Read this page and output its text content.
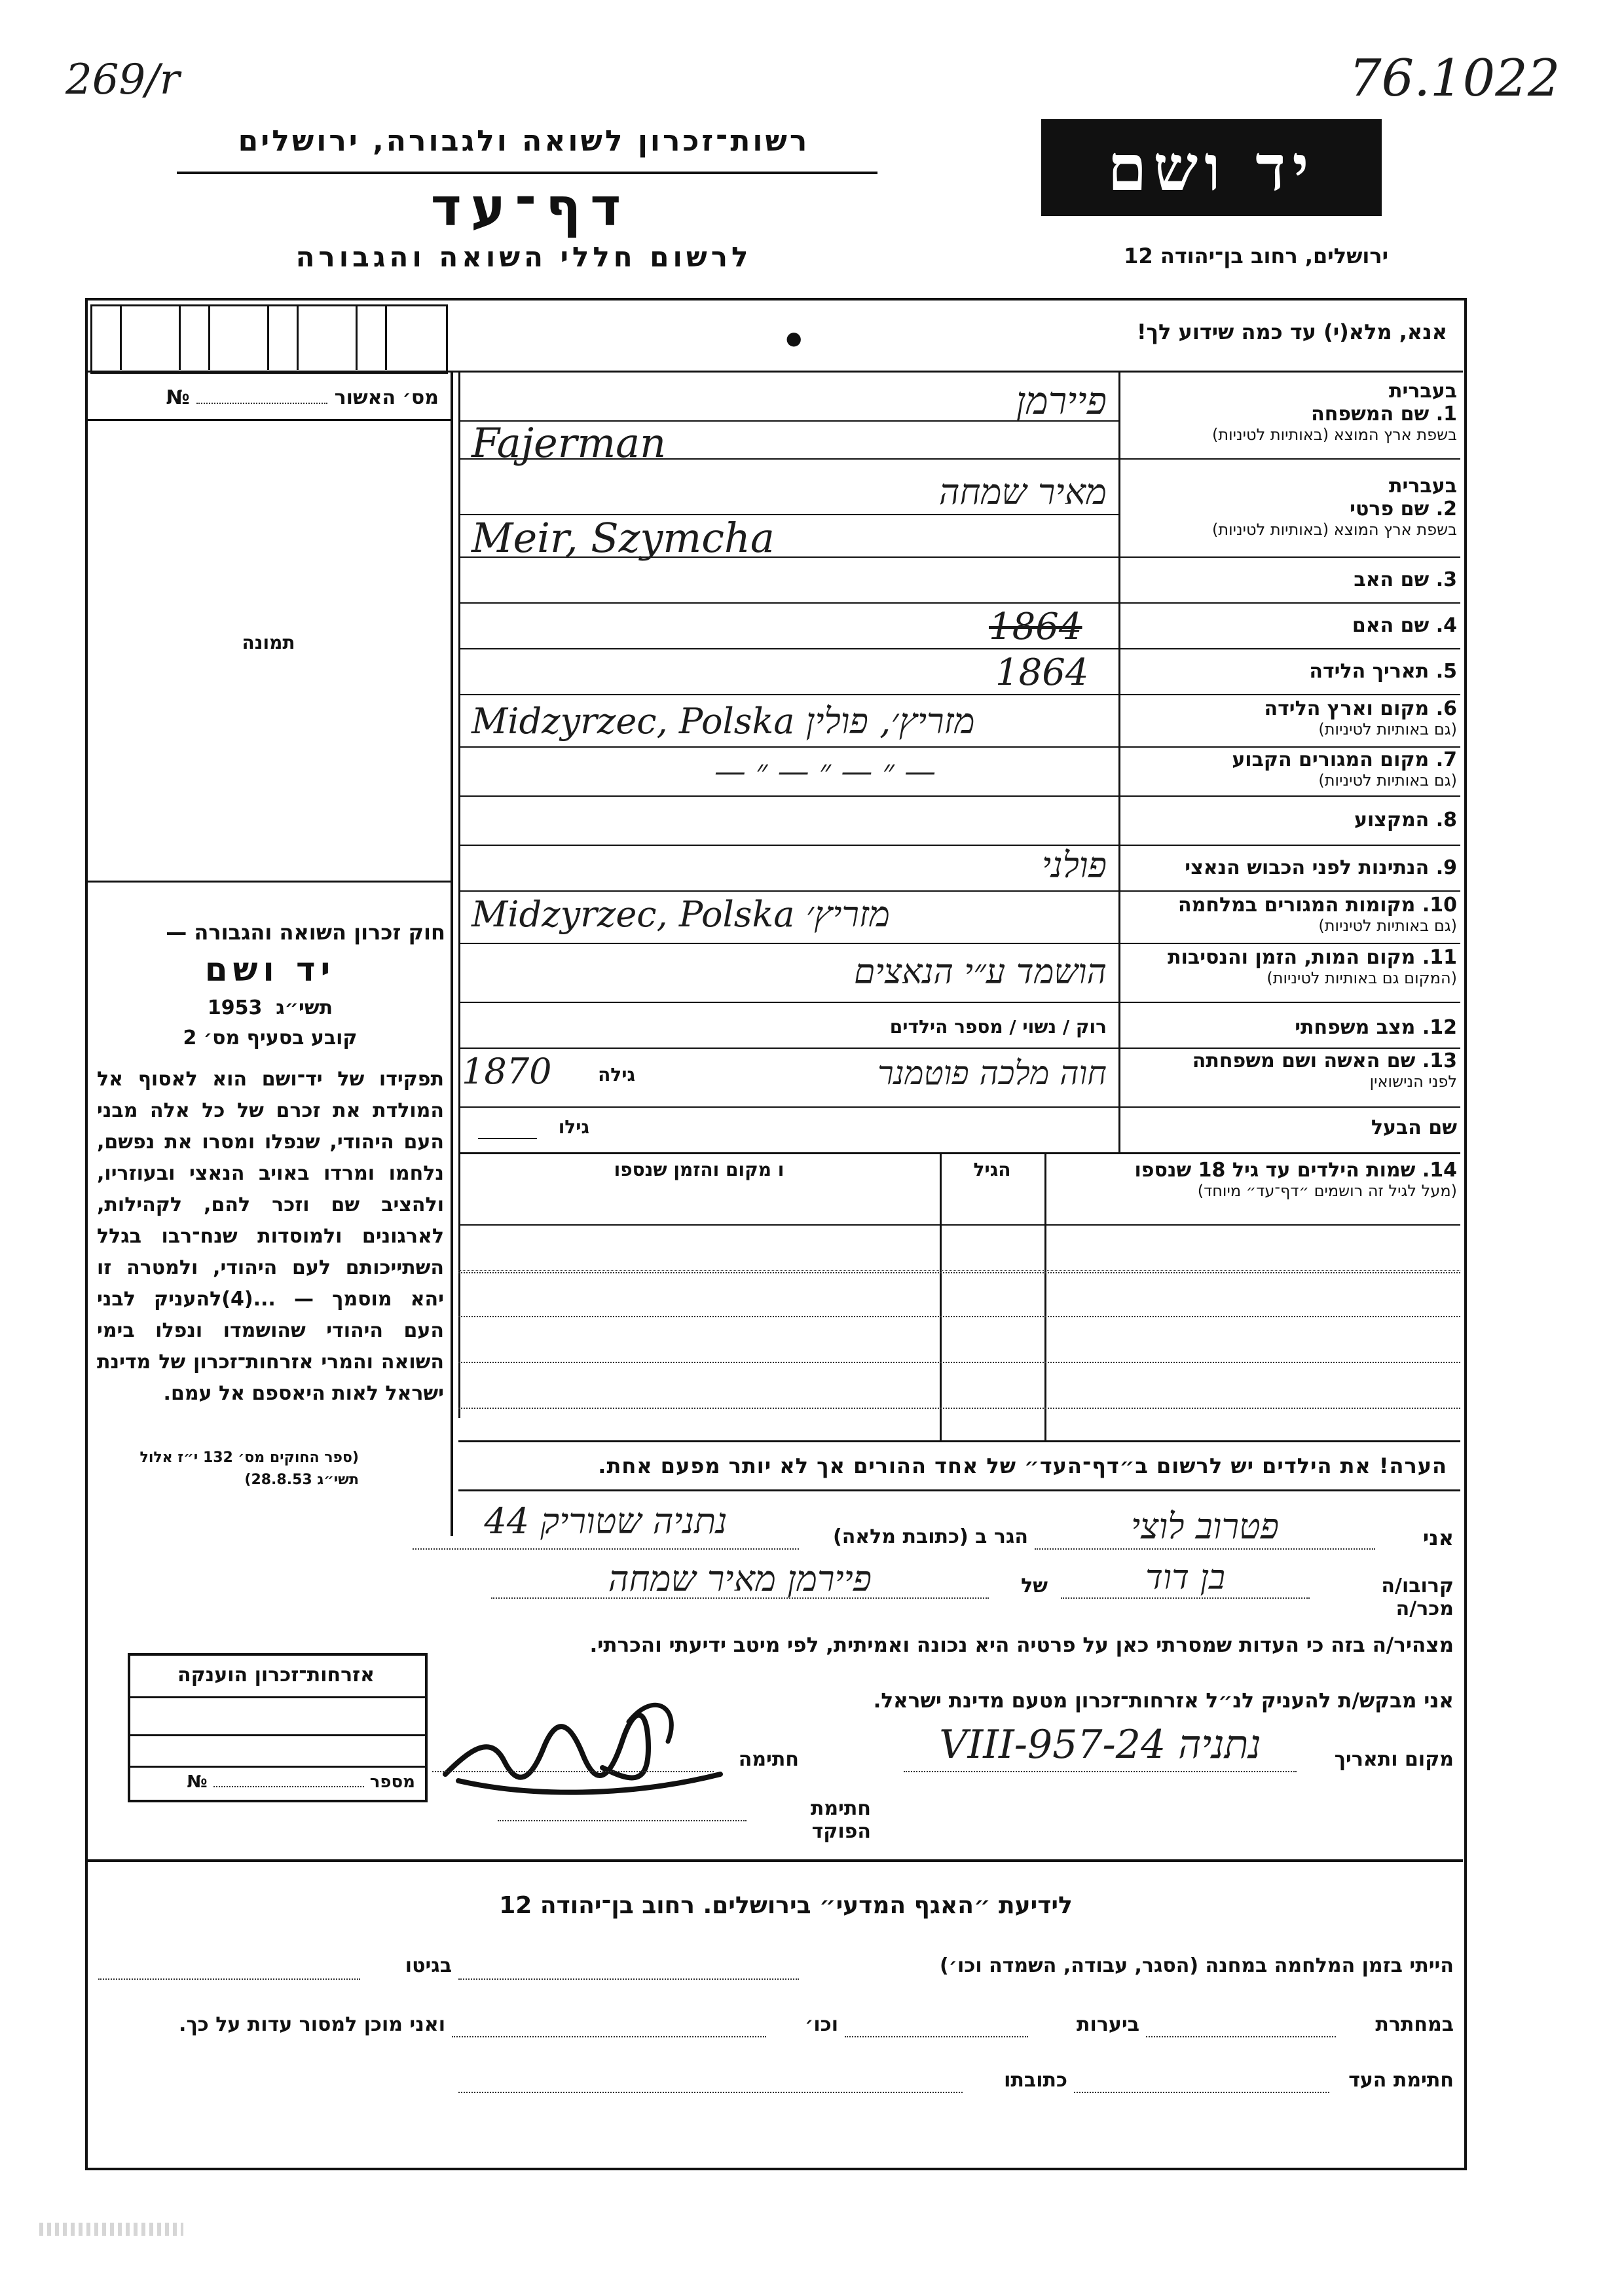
269/r	76.1022
רשות־זכרון לשואה ולגבורה, ירושלים
דף־עד
לרשום חללי השואה והגבורה	ירושלים, רחוב בן־יהודה 12
יד ושם
אנא, מלא(י) עד כמה שידוע לך!
●
מס׳ האשור  №
תמונה
חוק זכרון השואה והגבורה —
יד ושם
תשי״ג  1953
קובע בסעיף מס׳ 2
תפקידו של יד־ושם הוא לאסוף אל המולדת את זכרם של כל אלה מבני העם היהודי, שנפלו ומסרו את נפשם, נלחמו ומרדו באויב הנאצי ובעוזריו, ולהציב שם וזכר להם, לקהילות, לארגונים ולמוסדות שנח־רבו בגלל השתייכותם לעם היהודי, ולמטרה זו יהא מוסמך — ...(4)להעניק לבני העם היהודי שהושמדו ונפלו בימי השואה והמרי אזרחות־זכרון של מדינת ישראל לאות היאספם אל עמם.
(ספר החוקים מס׳ 132 י״ז אלול תשי״ג 28.8.53)
בעברית
1. שם המשפחה
בשפת ארץ המוצא (באותיות לטיניות)
פיירמן
Fajerman
בעברית
2. שם פרטי
בשפת ארץ המוצא (באותיות לטיניות)
מאיר שמחה
Meir, Szymcha
3. שם האב
4. שם האם
1864
5. תאריך הלידה
1864
6. מקום וארץ הלידה
(גם באותיות לטיניות)
Midzyrzec, Polska מזריץ׳, פולין
7. מקום המגורים הקבוע
(גם באותיות לטיניות)
— ״ — ״ — ״ —
8. המקצוע
9. הנתינות לפני הכבוש הנאצי
פולני
10. מקומות המגורים במלחמה
(גם באותיות לטיניות)
Midzyrzec, Polska מזריץ׳
11. מקום המות, הזמן והנסיבות
(המקום גם באותיות לטיניות)
הושמד ע״י הנאצים
12. מצב משפחתי
רוק / נשוי / מספר הילדים
13. שם האשה ושם משפחתה
לפני הנישואין
חוה מלכה פוטמנר
גילה
1870
שם הבעל
גילו
14. שמות הילדים עד גיל 18 שנספו
(מעל לגיל זה רושמים ״דף־עד״ מיוחד)
הגיל
ו מקום והזמן שנספו
הערה! את הילדים יש לרשום ב״דף־העד״ של אחד ההורים אך לא יותר מפעם אחת.
אני
פטרוב לוצי
הגר ב (כתובת מלאה)
נתניה שטוריק 44
קרובו/ה מכר/ה
בן דוד
של
פיירמן מאיר שמחה
מצהיר/ה בזה כי העדות שמסרתי כאן על פרטיה היא נכונה ואמיתית, לפי מיטב ידיעתי והכרתי.
אני מבקש/ת להעניק לנ״ל אזרחות־זכרון מטעם מדינת ישראל.
מקום ותאריך
נתניה 24-VIII-957
חתימה
חתימת הפוקד
אזרחות־זכרון הוענקה
מספר  №
לידיעת ״האגף המדעי״ בירושלים. רחוב בן־יהודה 12
הייתי בזמן המלחמה במחנה (הסגר, עבודה, השמדה וכו׳)
בגיטו
במחתרת
ביערות
וכו׳
ואני מוכן למסור עדות על כך.
חתימת העד
כתובתו
